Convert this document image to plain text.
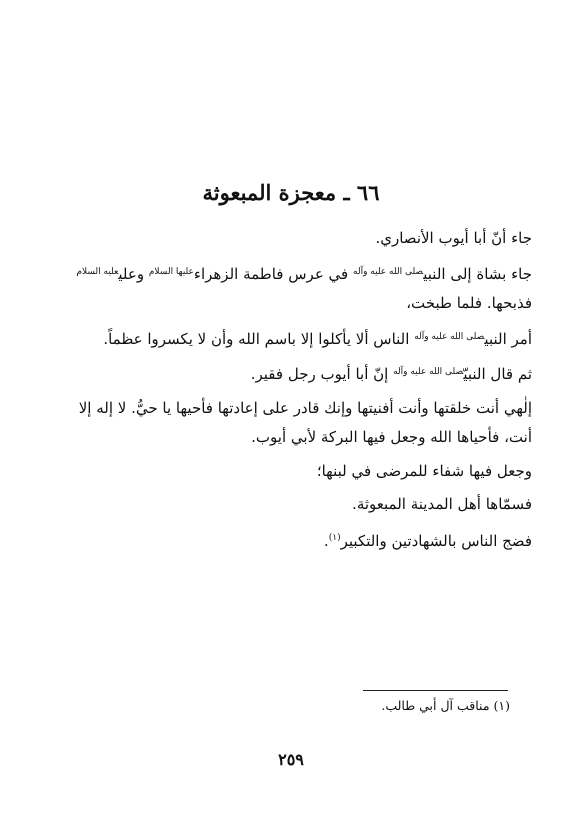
٦٦ ـ معجزة المبعوثة

جاء أنّ أبا أيوب الأنصاري.

جاء بشاة إلى النبي$^{صلى الله عليه وآله}$ في عرس فاطمة الزهراء$^{عليها السلام}$ وعلي$^{عليه السلام}$ فذبحها. فلما طبخت،

أمر النبي$^{صلى الله عليه وآله}$ الناس ألا يأكلوا إلا باسم الله وأن لا يكسروا عظماً.

ثم قال النبيّ$^{صلى الله عليه وآله}$ إنّ أبا أيوب رجل فقير.

إلٰهي أنت خلقتها وأنت أفنيتها وإنك قادر على إعادتها فأحيها يا حيُّ. لا إله إلا أنت، فأحياها الله وجعل فيها البركة لأبي أيوب.

وجعل فيها شفاء للمرضى في لبنها؛

فسمّاها أهل المدينة المبعوثة.

فضج الناس بالشهادتين والتكبير$^{(١)}$.

(١) مناقب آل أبي طالب.

٢٥٩
